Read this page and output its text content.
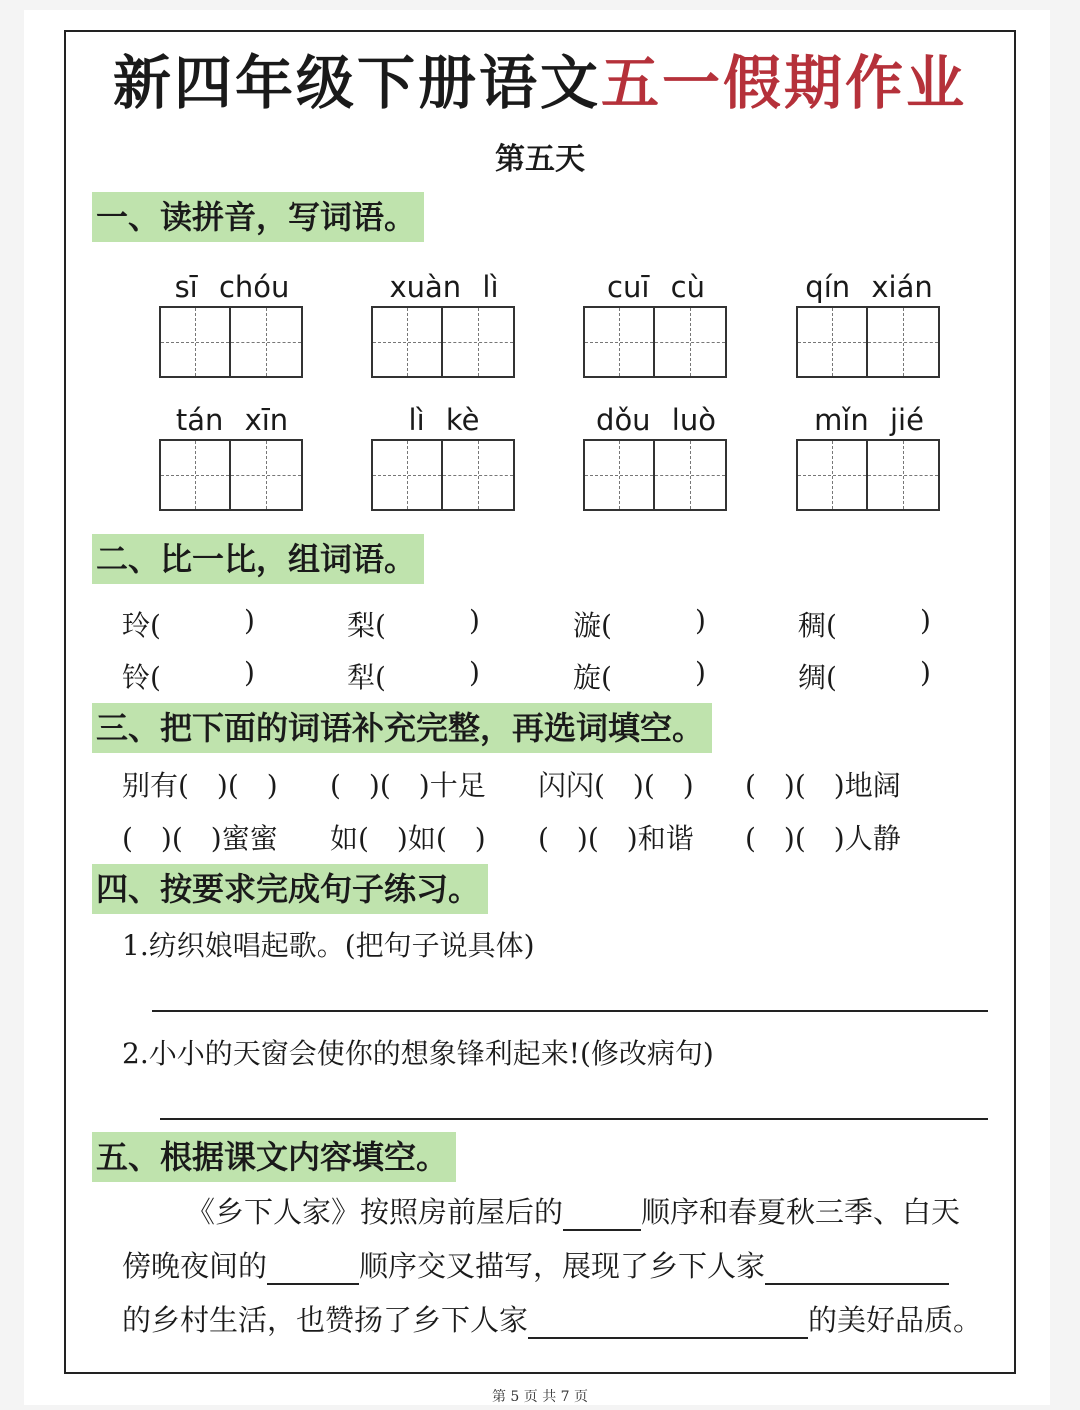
新四年级下册语文五一假期作业
第五天
一、读拼音，写词语。
sī chóu	xuàn lì	cuī cù	qín xián
tán xīn	lì kè	dǒu luò	mǐn jié
二、比一比，组词语。
玲(	)	梨(	)	漩(	)	稠(	)
铃(	)	犁(	)	旋(	)	绸(	)
三、把下面的词语补充完整，再选词填空。
别有(　)(　) (　)(　)十足 闪闪(　)(　) (　)(　)地阔
(　)(　)蜜蜜 如(　)如(　) (　)(　)和谐 (　)(　)人静
四、按要求完成句子练习。
1.纺织娘唱起歌。(把句子说具体)
2.小小的天窗会使你的想象锋利起来!(修改病句)
五、根据课文内容填空。
《乡下人家》按照房前屋后的	顺序和春夏秋三季、白天
傍晚夜间的	顺序交叉描写，展现了乡下人家
的乡村生活，也赞扬了乡下人家	的美好品质。
第 5 页 共 7 页
